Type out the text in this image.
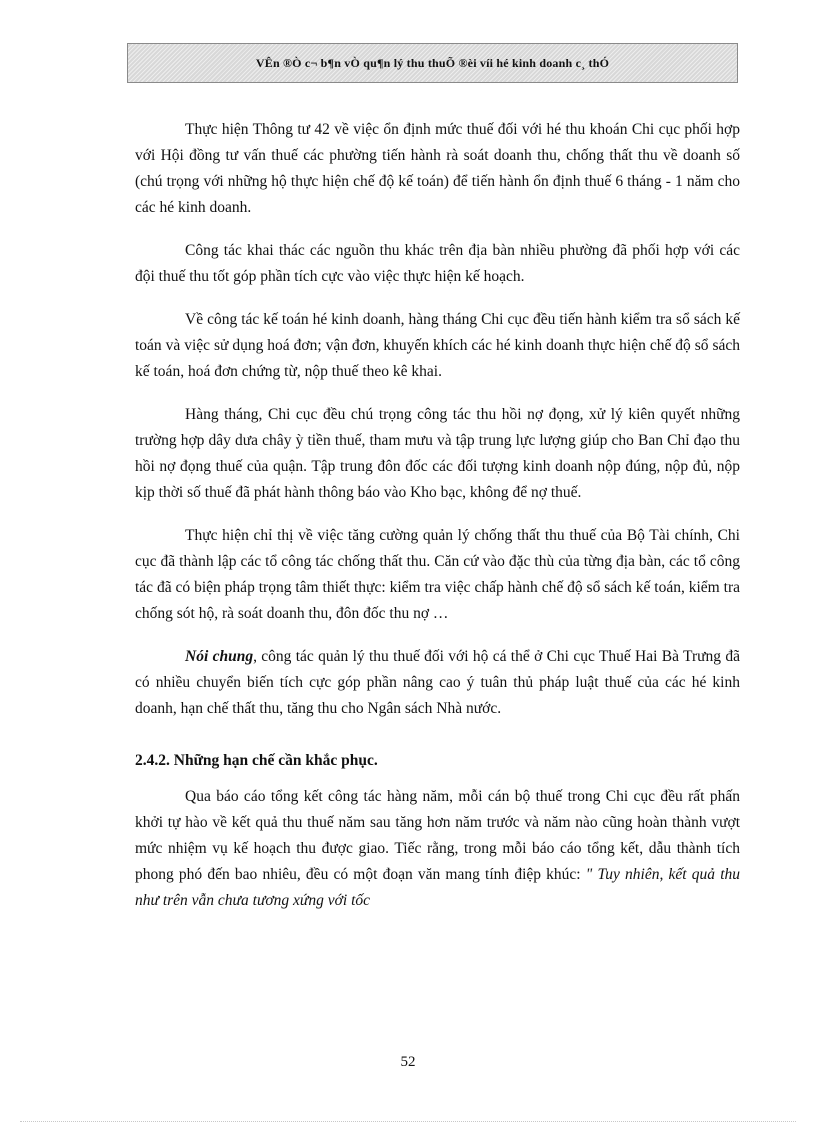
VÊn ®Ò c¬ b¶n vÒ qu¶n lý thu thuÕ ®èi víi hé kinh doanh c¸ thÓ

Thực hiện Thông tư 42 về việc ổn định mức thuế đối với hé thu khoán Chi cục phối hợp với Hội đồng tư vấn thuế các phường tiến hành rà soát doanh thu, chống thất thu về doanh số (chú trọng với những hộ thực hiện chế độ kế toán) để tiến hành ổn định thuế 6 tháng - 1 năm cho các hé kinh doanh.

Công tác khai thác các nguồn thu khác trên địa bàn nhiều phường đã phối hợp với các đội thuế thu tốt góp phần tích cực vào việc thực hiện kế hoạch.

Về công tác kế toán hé kinh doanh, hàng tháng Chi cục đều tiến hành kiểm tra sổ sách kế toán và việc sử dụng hoá đơn; vận đơn, khuyến khích các hé kinh doanh thực hiện chế độ sổ sách kế toán, hoá đơn chứng từ, nộp thuế theo kê khai.

Hàng tháng, Chi cục đều chú trọng công tác thu hồi nợ đọng, xử lý kiên quyết những trường hợp dây dưa chây ỳ tiền thuế, tham mưu và tập trung lực lượng giúp cho Ban Chỉ đạo thu hồi nợ đọng thuế của quận. Tập trung đôn đốc các đối tượng kinh doanh nộp đúng, nộp đủ, nộp kịp thời số thuế đã phát hành thông báo vào Kho bạc, không để nợ thuế.

Thực hiện chỉ thị về việc tăng cường quản lý chống thất thu thuế của Bộ Tài chính, Chi cục đã thành lập các tổ công tác chống thất thu. Căn cứ vào đặc thù của từng địa bàn, các tổ công tác đã có biện pháp trọng tâm thiết thực: kiểm tra việc chấp hành chế độ sổ sách kế toán, kiểm tra chống sót hộ, rà soát doanh thu, đôn đốc thu nợ …

Nói chung, công tác quản lý thu thuế đối với hộ cá thể ở Chi cục Thuế Hai Bà Trưng đã có nhiều chuyển biến tích cực góp phần nâng cao ý tuân thủ pháp luật thuế của các hé kinh doanh, hạn chế thất thu, tăng thu cho Ngân sách Nhà nước.

2.4.2. Những hạn chế cần khắc phục.

Qua báo cáo tổng kết công tác hàng năm, mỗi cán bộ thuế trong Chi cục đều rất phấn khởi tự hào về kết quả thu thuế năm sau tăng hơn năm trước và năm nào cũng hoàn thành vượt mức nhiệm vụ kế hoạch thu được giao. Tiếc rằng, trong mỗi báo cáo tổng kết, dẫu thành tích phong phó đến bao nhiêu, đều có một đoạn văn mang tính điệp khúc: " Tuy nhiên, kết quả thu như trên vẫn chưa tương xứng với tốc

52
